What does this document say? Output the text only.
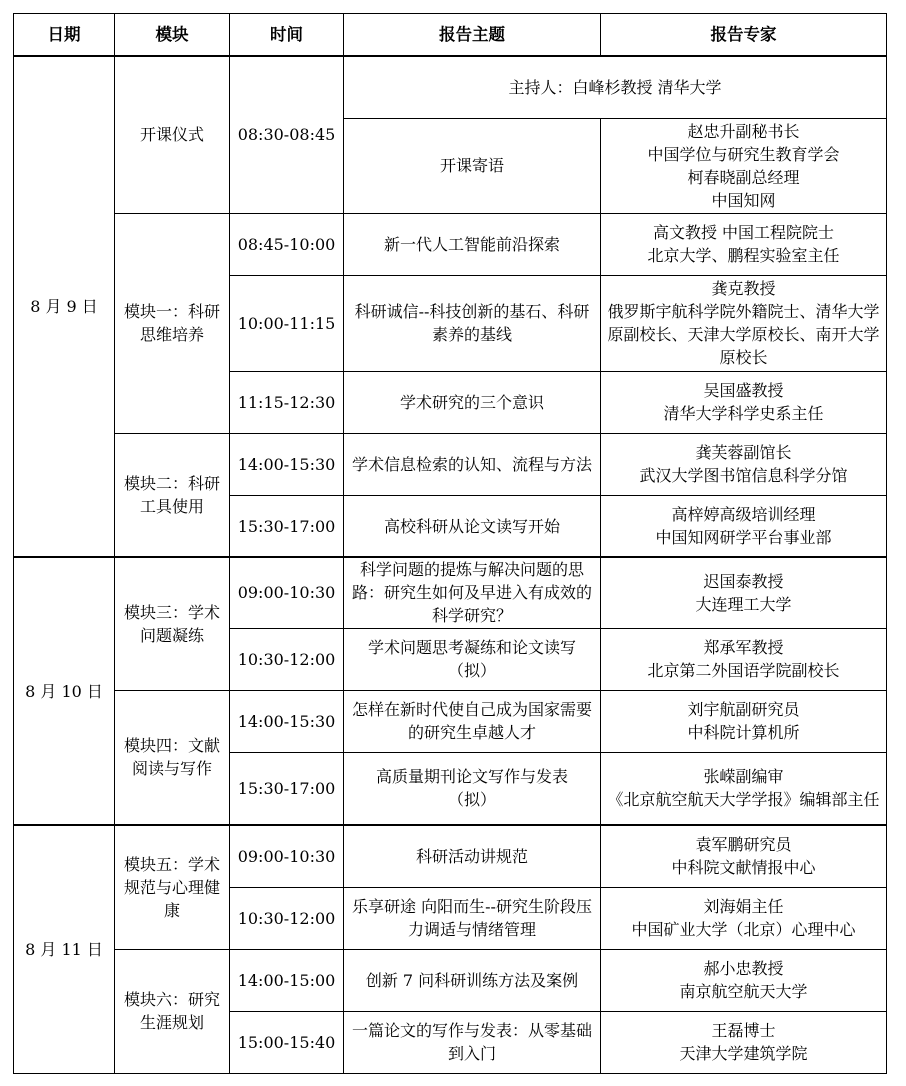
日期	模块	时间	报告主题	报告专家
8 月 9 日	开课仪式	08:30-08:45	主持人：白峰杉教授 清华大学	
			开课寄语	赵忠升副秘书长
中国学位与研究生教育学会
柯春晓副总经理
中国知网
	模块一：科研思维培养	08:45-10:00	新一代人工智能前沿探索	高文教授 中国工程院院士
北京大学、鹏程实验室主任
		10:00-11:15	科研诚信--科技创新的基石、科研素养的基线	龚克教授
俄罗斯宇航科学院外籍院士、清华大学原副校长、天津大学原校长、南开大学原校长
		11:15-12:30	学术研究的三个意识	吴国盛教授
清华大学科学史系主任
	模块二：科研工具使用	14:00-15:30	学术信息检索的认知、流程与方法	龚芙蓉副馆长
武汉大学图书馆信息科学分馆
		15:30-17:00	高校科研从论文读写开始	高梓婷高级培训经理
中国知网研学平台事业部

8 月 10 日	模块三：学术问题凝练	09:00-10:30	科学问题的提炼与解决问题的思路：研究生如何及早进入有成效的科学研究？	迟国泰教授
大连理工大学
		10:30-12:00	学术问题思考凝练和论文读写
（拟）	郑承军教授
北京第二外国语学院副校长
	模块四：文献阅读与写作	14:00-15:30	怎样在新时代使自己成为国家需要的研究生卓越人才	刘宇航副研究员
中科院计算机所
		15:30-17:00	高质量期刊论文写作与发表
（拟）	张嵘副编审
《北京航空航天大学学报》编辑部主任
8 月 11 日	模块五：学术规范与心理健康	09:00-10:30	科研活动讲规范	袁军鹏研究员
中科院文献情报中心
		10:30-12:00	乐享研途 向阳而生--研究生阶段压力调适与情绪管理	刘海娟主任
中国矿业大学（北京）心理中心
	模块六：研究生涯规划	14:00-15:00	创新 7 问科研训练方法及案例	郝小忠教授
南京航空航天大学
		15:00-15:40	一篇论文的写作与发表：从零基础到入门	王磊博士
天津大学建筑学院
